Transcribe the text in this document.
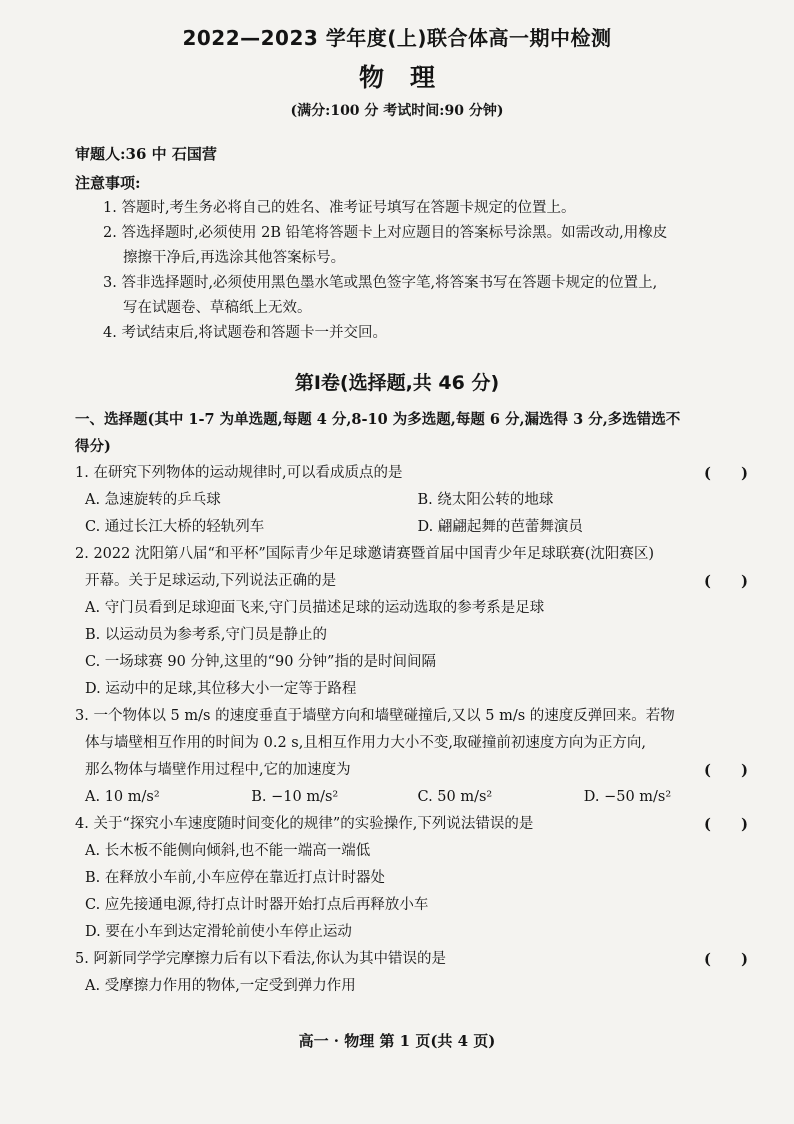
2022—2023 学年度(上)联合体高一期中检测
物理
(满分:100 分 考试时间:90 分钟)
审题人:36 中 石国营
注意事项:
1. 答题时,考生务必将自己的姓名、准考证号填写在答题卡规定的位置上。
2. 答选择题时,必须使用 2B 铅笔将答题卡上对应题目的答案标号涂黑。如需改动,用橡皮
擦擦干净后,再选涂其他答案标号。
3. 答非选择题时,必须使用黑色墨水笔或黑色签字笔,将答案书写在答题卡规定的位置上,
写在试题卷、草稿纸上无效。
4. 考试结束后,将试题卷和答题卡一并交回。
第Ⅰ卷(选择题,共 46 分)
一、选择题(其中 1-7 为单选题,每题 4 分,8-10 为多选题,每题 6 分,漏选得 3 分,多选错选不
得分)
1. 在研究下列物体的运动规律时,可以看成质点的是	(      )
A. 急速旋转的乒乓球	B. 绕太阳公转的地球
C. 通过长江大桥的轻轨列车	D. 翩翩起舞的芭蕾舞演员
2. 2022 沈阳第八届“和平杯”国际青少年足球邀请赛暨首届中国青少年足球联赛(沈阳赛区)
开幕。关于足球运动,下列说法正确的是	(      )
A. 守门员看到足球迎面飞来,守门员描述足球的运动选取的参考系是足球
B. 以运动员为参考系,守门员是静止的
C. 一场球赛 90 分钟,这里的“90 分钟”指的是时间间隔
D. 运动中的足球,其位移大小一定等于路程
3. 一个物体以 5 m/s 的速度垂直于墙壁方向和墙壁碰撞后,又以 5 m/s 的速度反弹回来。若物
体与墙壁相互作用的时间为 0.2 s,且相互作用力大小不变,取碰撞前初速度方向为正方向,
那么物体与墙壁作用过程中,它的加速度为	(      )
A. 10 m/s²	B. −10 m/s²	C. 50 m/s²	D. −50 m/s²
4. 关于“探究小车速度随时间变化的规律”的实验操作,下列说法错误的是	(      )
A. 长木板不能侧向倾斜,也不能一端高一端低
B. 在释放小车前,小车应停在靠近打点计时器处
C. 应先接通电源,待打点计时器开始打点后再释放小车
D. 要在小车到达定滑轮前使小车停止运动
5. 阿新同学学完摩擦力后有以下看法,你认为其中错误的是	(      )
A. 受摩擦力作用的物体,一定受到弹力作用
高一 · 物理 第 1 页(共 4 页)
